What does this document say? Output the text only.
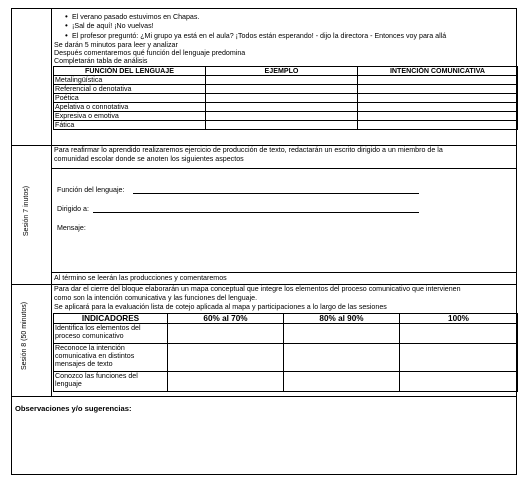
• El verano pasado estuvimos en Chapas.
• ¡Sal de aquí! ¡No vuelvas!
• El profesor preguntó: ¿Mi grupo ya está en el aula? ¡Todos están esperando! - dijo la directora - Entonces voy para allá
Se darán 5 minutos para leer y analizar
Después comentaremos qué función del lenguaje predomina
Completarán tabla de análisis
FUNCIÓN DEL LENGUAJE	EJEMPLO	INTENCIÓN COMUNICATIVA
Metalingüística		
Referencial o denotativa		
Poética		
Apelativa o connotativa		
Expresiva o emotiva		
Fática		
Sesión 7 inutos)
Para reafirmar lo aprendido realizaremos ejercicio de producción de texto, redactarán un escrito dirigido a un miembro de la
comunidad escolar donde se anoten los siguientes aspectos
Función del lenguaje:
Dirigido a:
Mensaje:
Al término se leerán las producciones y comentaremos
Sesión 8 (50 minutos)
Para dar el cierre del bloque elaborarán un mapa conceptual que integre los elementos del proceso comunicativo que intervienen
como son la intención comunicativa y las funciones del lenguaje.
Se aplicará para la evaluación lista de cotejo aplicada al mapa y participaciones a lo largo de las sesiones
INDICADORES	60% al 70%	80% al 90%	100%

Identifica los elementos del
proceso comunicativo			

Reconoce la intención
comunicativa en distintos
mensajes de texto			

Conozco las funciones del
lenguaje			

Observaciones y/o sugerencias:
